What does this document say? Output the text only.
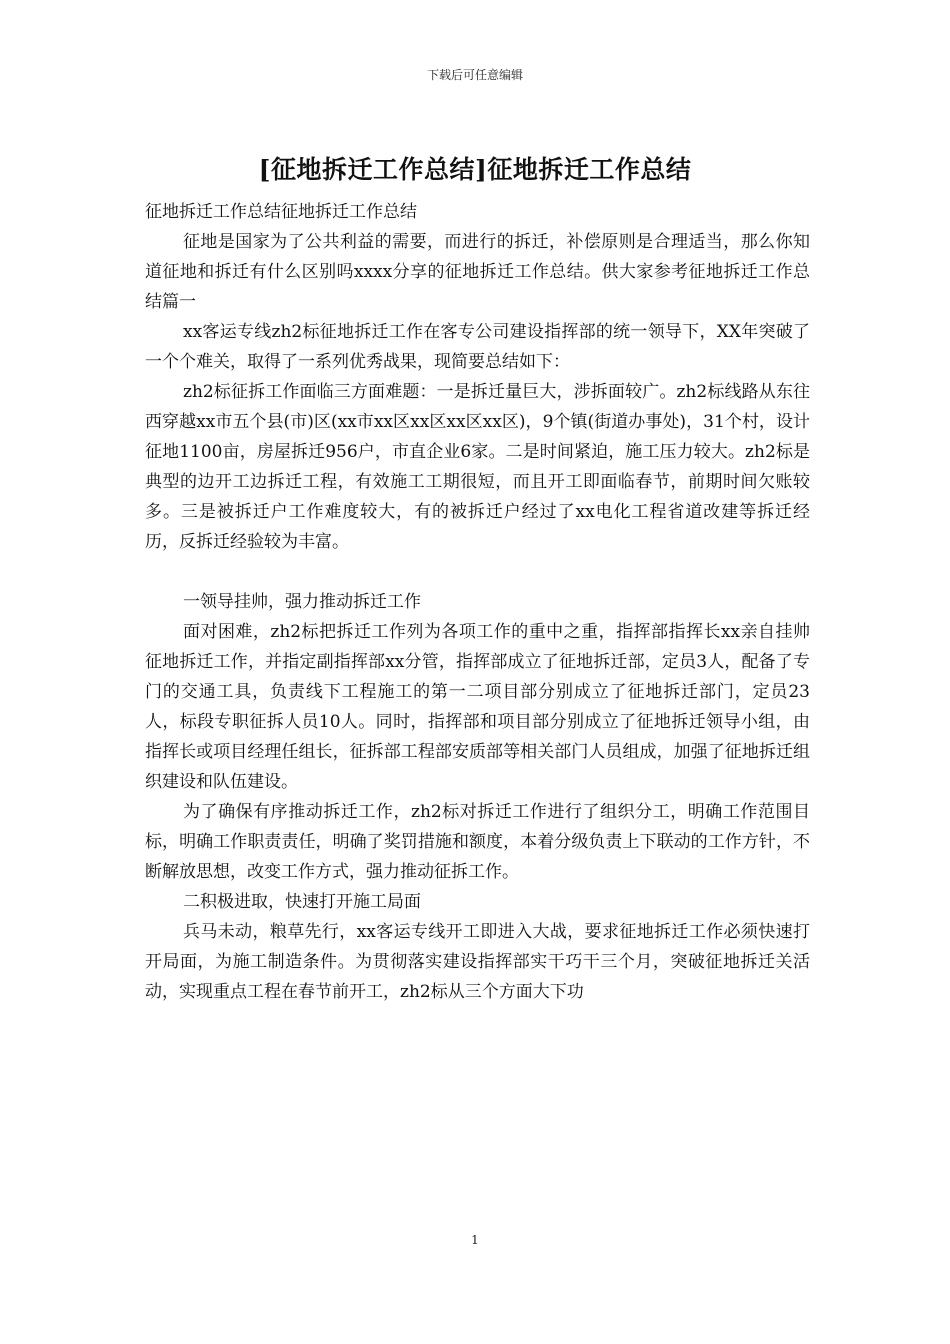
下载后可任意编辑
[征地拆迁工作总结]征地拆迁工作总结

征地拆迁工作总结征地拆迁工作总结

征地是国家为了公共利益的需要，而进行的拆迁，补偿原则是合理适当，那么你知道征地和拆迁有什么区别吗xxxx分享的征地拆迁工作总结。供大家参考征地拆迁工作总结篇一

xx客运专线zh2标征地拆迁工作在客专公司建设指挥部的统一领导下，XX年突破了一个个难关，取得了一系列优秀战果，现简要总结如下：

zh2标征拆工作面临三方面难题：一是拆迁量巨大，涉拆面较广。zh2标线路从东往西穿越xx市五个县(市)区(xx市xx区xx区xx区xx区)，9个镇(街道办事处)，31个村，设计征地1100亩，房屋拆迁956户，市直企业6家。二是时间紧迫，施工压力较大。zh2标是典型的边开工边拆迁工程，有效施工工期很短，而且开工即面临春节，前期时间欠账较多。三是被拆迁户工作难度较大，有的被拆迁户经过了xx电化工程省道改建等拆迁经历，反拆迁经验较为丰富。

一领导挂帅，强力推动拆迁工作

面对困难，zh2标把拆迁工作列为各项工作的重中之重，指挥部指挥长xx亲自挂帅征地拆迁工作，并指定副指挥部xx分管，指挥部成立了征地拆迁部，定员3人，配备了专门的交通工具，负责线下工程施工的第一二项目部分别成立了征地拆迁部门，定员23人，标段专职征拆人员10人。同时，指挥部和项目部分别成立了征地拆迁领导小组，由指挥长或项目经理任组长，征拆部工程部安质部等相关部门人员组成，加强了征地拆迁组织建设和队伍建设。

为了确保有序推动拆迁工作，zh2标对拆迁工作进行了组织分工，明确工作范围目标，明确工作职责责任，明确了奖罚措施和额度，本着分级负责上下联动的工作方针，不断解放思想，改变工作方式，强力推动征拆工作。

二积极进取，快速打开施工局面

兵马未动，粮草先行，xx客运专线开工即进入大战，要求征地拆迁工作必须快速打开局面，为施工制造条件。为贯彻落实建设指挥部实干巧干三个月，突破征地拆迁关活动，实现重点工程在春节前开工，zh2标从三个方面大下功

1
